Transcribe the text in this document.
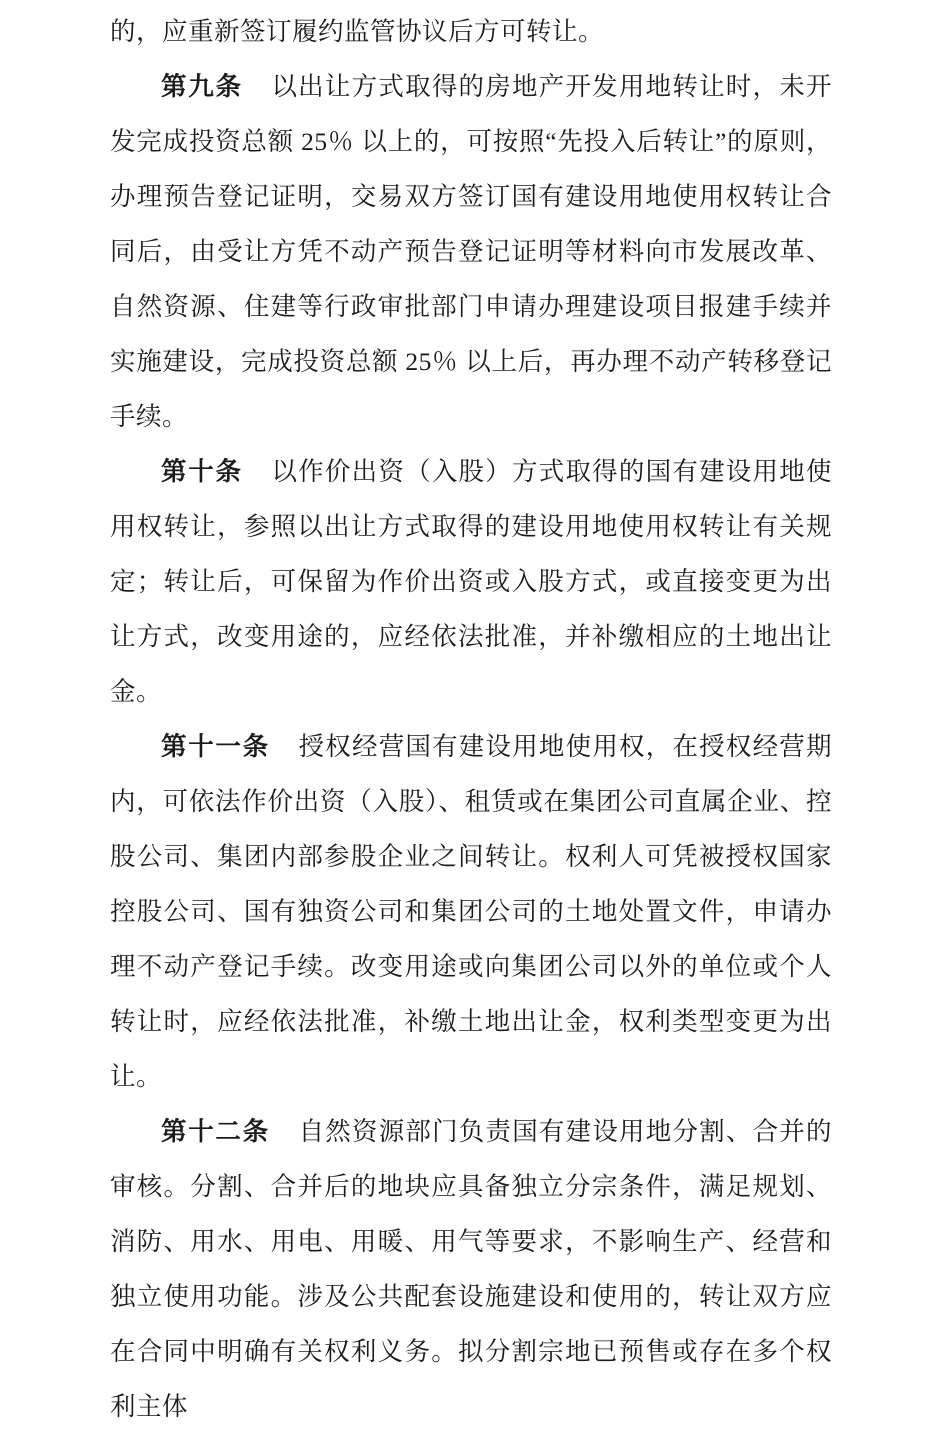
的，应重新签订履约监管协议后方可转让。

第九条 以出让方式取得的房地产开发用地转让时，未开发完成投资总额 25％ 以上的，可按照“先投入后转让”的原则，办理预告登记证明，交易双方签订国有建设用地使用权转让合同后，由受让方凭不动产预告登记证明等材料向市发展改革、自然资源、住建等行政审批部门申请办理建设项目报建手续并实施建设，完成投资总额 25％ 以上后，再办理不动产转移登记手续。

第十条 以作价出资（入股）方式取得的国有建设用地使用权转让，参照以出让方式取得的建设用地使用权转让有关规定；转让后，可保留为作价出资或入股方式，或直接变更为出让方式，改变用途的，应经依法批准，并补缴相应的土地出让金。

第十一条 授权经营国有建设用地使用权，在授权经营期内，可依法作价出资（入股）、租赁或在集团公司直属企业、控股公司、集团内部参股企业之间转让。权利人可凭被授权国家控股公司、国有独资公司和集团公司的土地处置文件，申请办理不动产登记手续。改变用途或向集团公司以外的单位或个人转让时，应经依法批准，补缴土地出让金，权利类型变更为出让。

第十二条 自然资源部门负责国有建设用地分割、合并的审核。分割、合并后的地块应具备独立分宗条件，满足规划、消防、用水、用电、用暖、用气等要求，不影响生产、经营和独立使用功能。涉及公共配套设施建设和使用的，转让双方应在合同中明确有关权利义务。拟分割宗地已预售或存在多个权利主体
